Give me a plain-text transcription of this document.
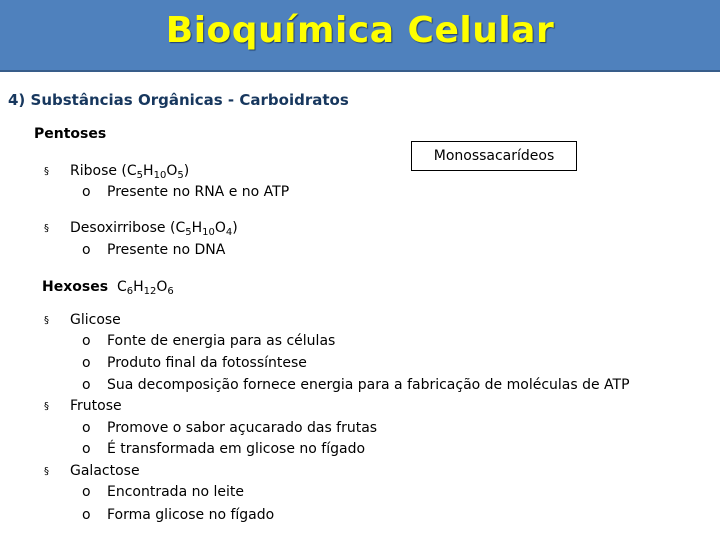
Bioquímica Celular
4) Substâncias Orgânicas - Carboidratos
Pentoses
§ Ribose $(C_5H_{10}O_5)$
o Presente no RNA e no ATP
§ Desoxirribose $(C_5H_{10}O_4)$
o Presente no DNA
Monossacarídeos
Hexoses $C_6H_{12}O_6$
§ Glicose
o Fonte de energia para as células
o Produto final da fotossíntese
o Sua decomposição fornece energia para a fabricação de moléculas de ATP
§ Frutose
o Promove o sabor açucarado das frutas
o É transformada em glicose no fígado
§ Galactose
o Encontrada no leite
o Forma glicose no fígado
